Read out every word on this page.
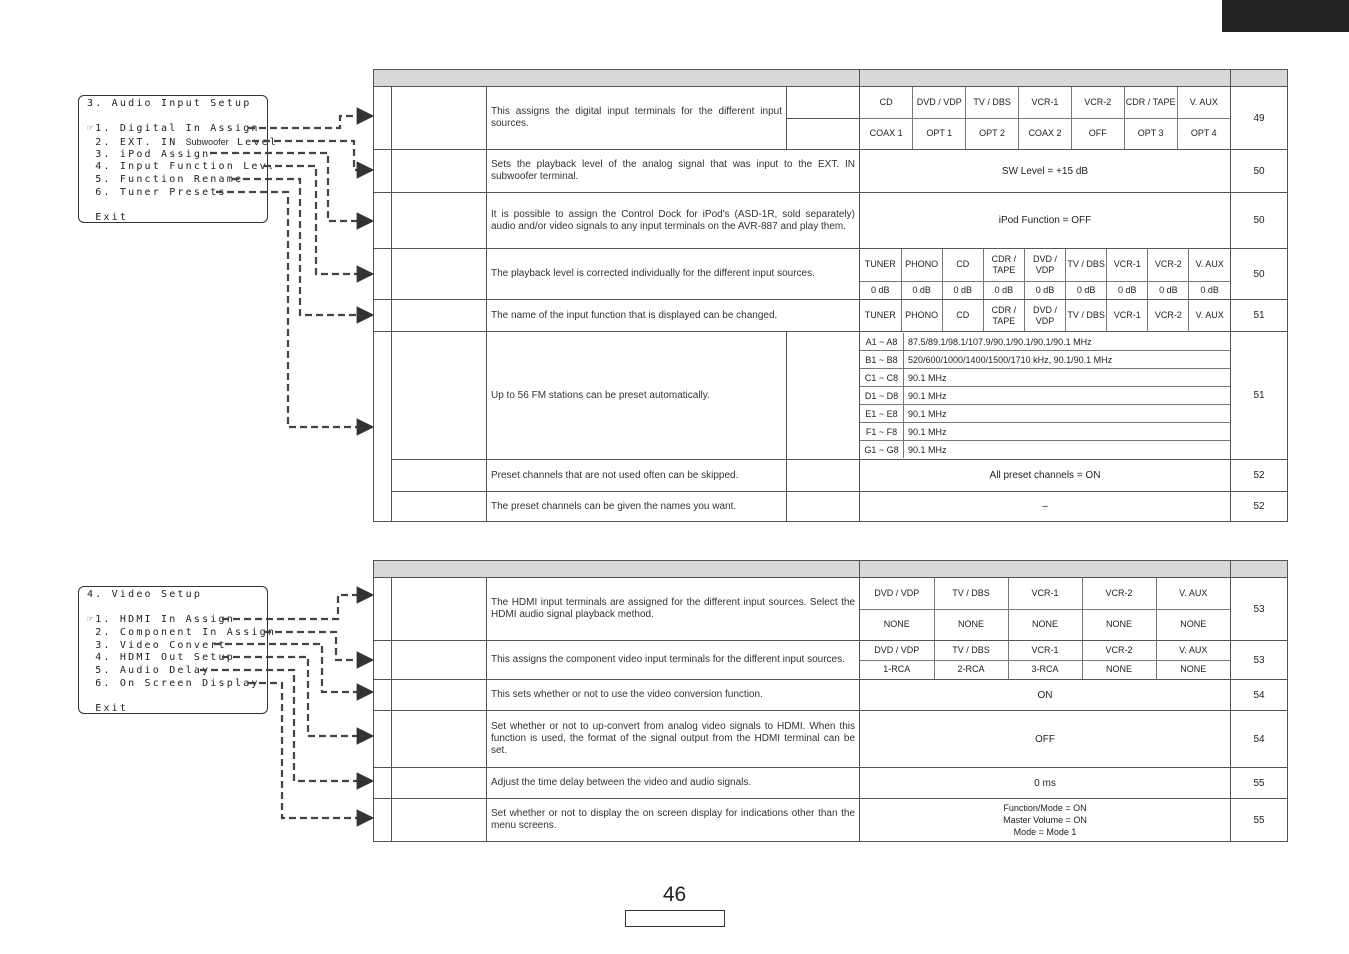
3. Audio Input Setup

☞1. Digital In Assign
2. EXT. IN Subwoofer Level
3. iPod Assign
4. Input Function Lev.
5. Function Rename
6. Tuner Presets

Exit
4. Video Setup

☞1. HDMI In Assign
2. Component In Assign
3. Video Convert
4. HDMI Out Setup
5. Audio Delay
6. On Screen Display

Exit

		This assigns the digital input terminals for the different input sources.		
CD	DVD / VDP	TV / DBS	VCR-1	VCR-2	CDR / TAPE	V. AUX
COAX 1	OPT 1	OPT 2	COAX 2	OFF	OPT 3	OPT 4
	49

		Sets the playback level of the analog signal that was input to the EXT. IN subwoofer terminal.	SW Level = +15 dB	50
		It is possible to assign the Control Dock for iPod's (ASD-1R, sold separately) audio and/or video signals to any input terminals on the AVR-887 and play them.	iPod Function = OFF	50
		The playback level is corrected individually for the different input sources.	
TUNER	PHONO	CD	CDR / TAPE	DVD / VDP	TV / DBS	VCR-1	VCR-2	V. AUX
0 dB	0 dB	0 dB	0 dB	0 dB	0 dB	0 dB	0 dB	0 dB
	50
		The name of the input function that is displayed can be changed.		TUNER	PHONO	CD	CDR / TAPE	DVD / VDP	TV / DBS	VCR-1	VCR-2	V. AUX
		51
		Up to 56 FM stations can be preset automatically.		
A1 ~ A8	87.5/89.1/98.1/107.9/90.1/90.1/90.1/90.1 MHz
B1 ~ B8	520/600/1000/1400/1500/1710 kHz, 90.1/90.1 MHz
C1 ~ C8	90.1 MHz
D1 ~ D8	90.1 MHz
E1 ~ E8	90.1 MHz
F1 ~ F8	90.1 MHz
G1 ~ G8	90.1 MHz
	51
	Preset channels that are not used often can be skipped.		All preset channels = ON	52
	The preset channels can be given the names you want.		–	52

		The HDMI input terminals are assigned for the different input sources. Select the HDMI audio signal playback method.	
DVD / VDP	TV / DBS	VCR-1	VCR-2	V. AUX
NONE	NONE	NONE	NONE	NONE
	53
		This assigns the component video input terminals for the different input sources.	
DVD / VDP	TV / DBS	VCR-1	VCR-2	V. AUX
1-RCA	2-RCA	3-RCA	NONE	NONE
	53
		This sets whether or not to use the video conversion function.	ON	54
		Set whether or not to up-convert from analog video signals to HDMI. When this function is used, the format of the signal output from the HDMI terminal can be set.	OFF	54
		Adjust the time delay between the video and audio signals.	0 ms	55
		Set whether or not to display the on screen display for indications other than the menu screens.	
Function/Mode = ON
Master Volume = ON
Mode = Mode 1
	55
46
